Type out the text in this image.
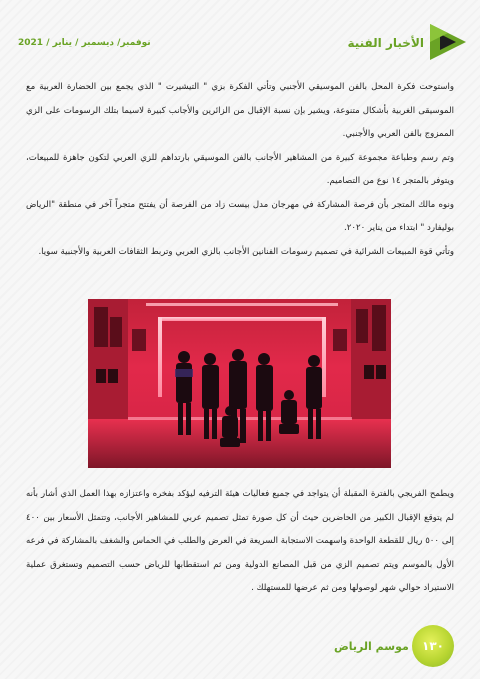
الأخبار الفنية
نوفمبر/ ديسمبر / يناير / 2021

واستوحت فكرة المحل بالفن الموسيقي الأجنبي وتأتي الفكرة بزي " التيشيرت " الذي يجمع بين الحضارة العربية مع الموسيقى الغربية بأشكال متنوعة، ويشير بإن نسبة الإقبال من الزائرين والأجانب كبيرة لاسيما بتلك الرسومات على الزي الممزوج بالفن العربي والأجنبي.

وتم رسم وطباعة مجموعة كبيرة من المشاهير الأجانب بالفن الموسيقي بارتداهم للزي العربي لتكون جاهزة للمبيعات، ويتوفر بالمتجر ١٤ نوع من التصاميم.

ونوه مالك المتجر بأن فرصة المشاركة في مهرجان مدل بيست زاد من الفرصة أن يفتتح متجراً آخر في منطقة "الرياض بوليفارد " ابتداء من يناير ٢٠٢٠.

وتأتي قوة المبيعات الشرائية في تصميم رسومات الفنانين الأجانب بالزي العربي وتربط الثقافات العربية والأجنبية سويا.

ويطمح الفريجي بالفترة المقبلة أن يتواجد في جميع فعاليات هيئة الترفيه ليؤكد بفخره واعتزازه بهذا العمل الذي أشار بأنه لم يتوقع الإقبال الكبير من الحاضرين حيث أن كل صورة تمثل تصميم عربي للمشاهير الأجانب، وتتمثل الأسعار بين ٤٠٠ إلى ٥٠٠ ريال للقطعة الواحدة واسهمت الاستجابة السريعة في العرض والطلب في الحماس والشغف بالمشاركة في فرعه الأول بالموسم ويتم تصميم الزي من قبل المصانع الدولية ومن ثم استقطابها للرياض حسب التصميم وتستغرق عملية الاستيراد حوالي شهر لوصولها ومن ثم عرضها للمستهلك .

١٣٠
موسم الرياض
